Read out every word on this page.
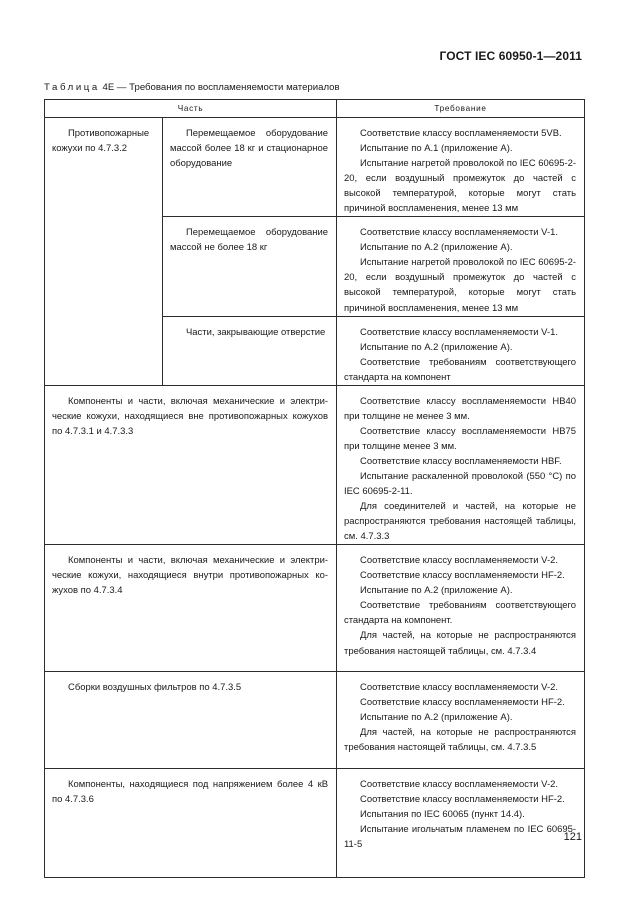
ГОСТ IEC 60950-1—2011
Таблица 4Е — Требования по воспламеняемости материалов
Часть		Требование

Противопожарные кожухи по 4.7.3.2	Перемещаемое оборудование массой более 18 кг и стационарное оборудование	Соответствие классу воспламеняемости 5VB.

Испытание по А.1 (приложение А).

Испытание нагретой проволокой по IEC 60695-2-20, если воздушный промежуток до частей с высокой температурой, которые могут стать причиной воспламенения, менее 13 мм

	Перемещаемое оборудование массой не более 18 кг	Соответствие классу воспламеняемости V-1.

Испытание по А.2 (приложение А).

Испытание нагретой проволокой по IEC 60695-2-20, если воздушный промежуток до частей с высокой температурой, которые могут стать причиной воспламенения, менее 13 мм

	Части, закрывающие отверстие	Соответствие классу воспламеняемости V-1.

Испытание по А.2 (приложение А).

Соответствие требованиям соответствующего стандарта на компонент

Компоненты и части, включая механические и электрические кожухи, находящиеся вне противопожарных кожухов по 4.7.3.1 и 4.7.3.3		Соответствие классу воспламеняемости НВ40 при толщине не менее 3 мм.

Соответствие классу воспламеняемости НВ75 при толщине менее 3 мм.

Соответствие классу воспламеняемости НВF.

Испытание раскаленной проволокой (550 °С) по IEC 60695-2-11.

Для соединителей и частей, на которые не распространяются требования настоящей таблицы, см. 4.7.3.3

Компоненты и части, включая механические и электрические кожухи, находящиеся внутри противопожарных кожухов по 4.7.3.4		Соответствие классу воспламеняемости V-2.

Соответствие классу воспламеняемости НF-2.

Испытание по А.2 (приложение А).

Соответствие требованиям соответствующего стандарта на компонент.

Для частей, на которые не распространяются требования настоящей таблицы, см. 4.7.3.4

Сборки воздушных фильтров по 4.7.3.5		Соответствие классу воспламеняемости V-2.

Соответствие классу воспламеняемости НF-2.

Испытание по А.2 (приложение А).

Для частей, на которые не распространяются требования настоящей таблицы, см. 4.7.3.5

Компоненты, находящиеся под напряжением более 4 кВ по 4.7.3.6		Соответствие классу воспламеняемости V-2.

Соответствие классу воспламеняемости НF-2.

Испытания по IEC 60065 (пункт 14.4).

Испытание игольчатым пламенем по IEC 60695-11-5

121
